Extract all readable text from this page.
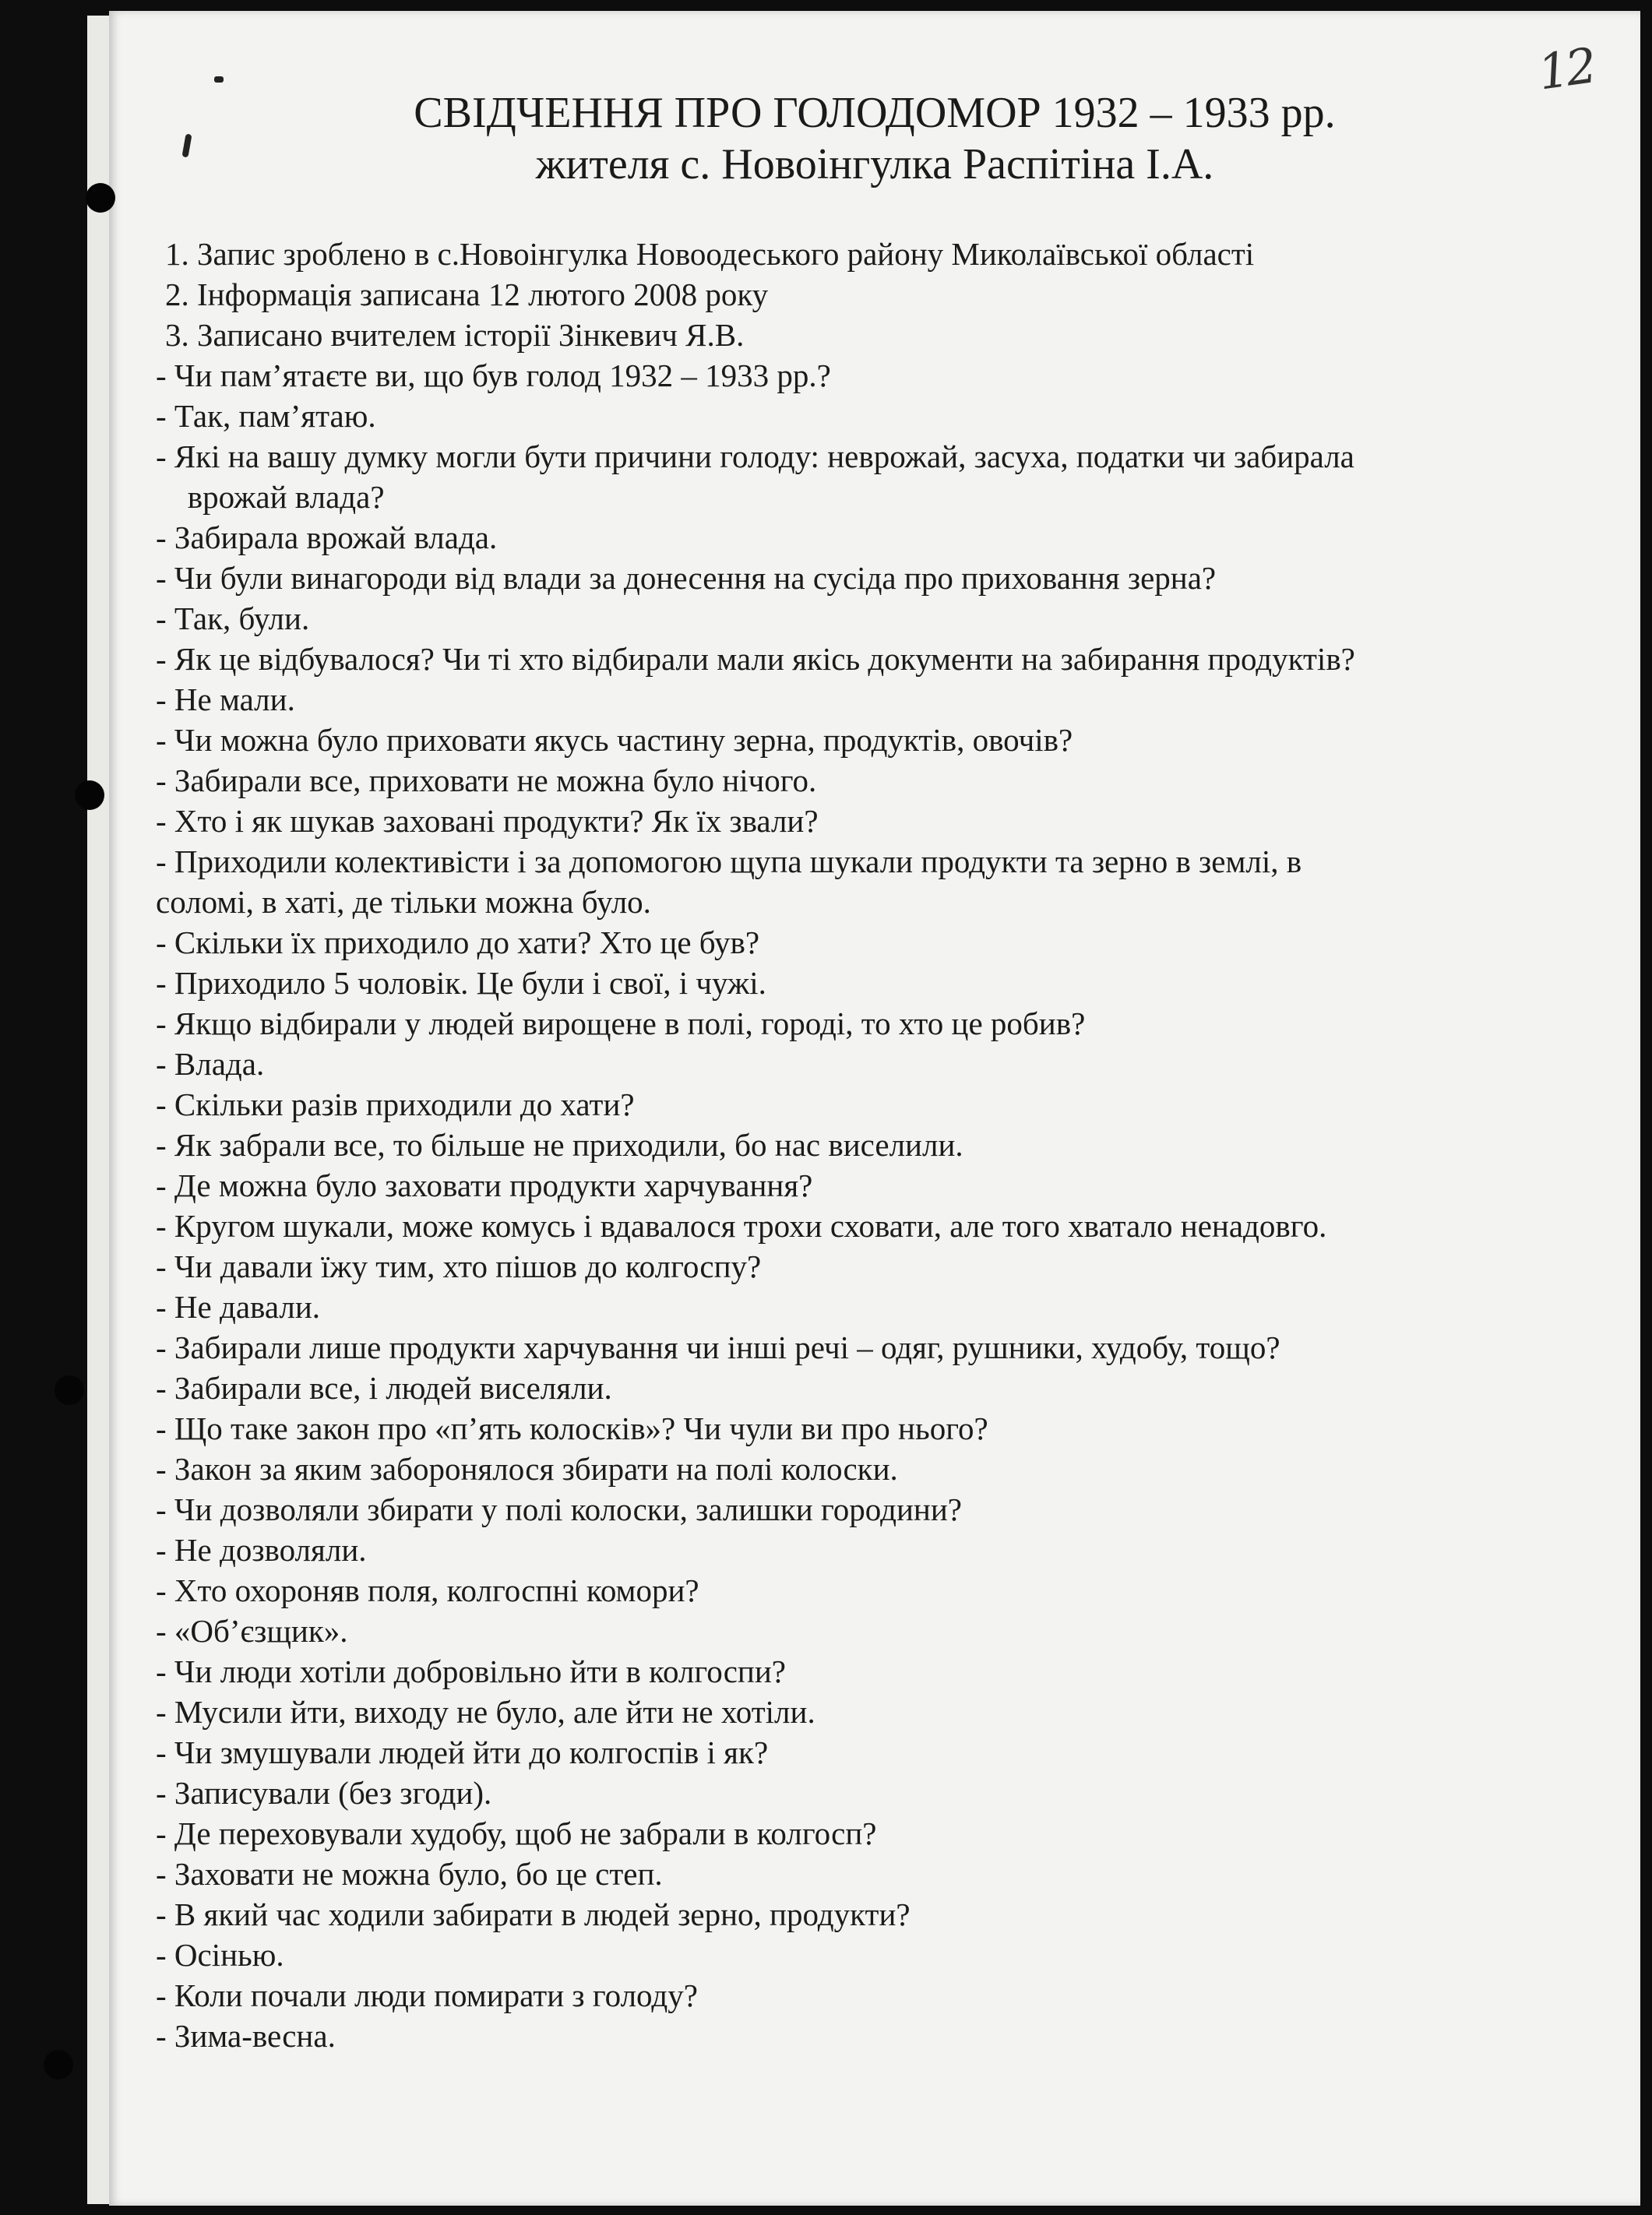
12
СВІДЧЕННЯ ПРО ГОЛОДОМОР 1932 – 1933 рр.
жителя с. Новоінгулка Распітіна І.А.
1. Запис зроблено в с.Новоінгулка Новоодеського району Миколаївської області
2. Інформація записана 12 лютого 2008 року
3. Записано вчителем історії Зінкевич Я.В.
- Чи пам’ятаєте ви, що був голод 1932 – 1933 рр.?
- Так, пам’ятаю.
- Які на вашу думку могли бути причини голоду: неврожай, засуха, податки чи забирала
врожай влада?
- Забирала врожай влада.
- Чи були винагороди від влади за донесення на сусіда про приховання зерна?
- Так, були.
- Як це відбувалося? Чи ті хто відбирали мали якісь документи на забирання продуктів?
- Не мали.
- Чи можна було приховати якусь частину зерна, продуктів, овочів?
- Забирали все, приховати не можна було нічого.
- Хто і як шукав заховані продукти? Як їх звали?
- Приходили колективісти і за допомогою щупа шукали продукти та зерно в землі, в
соломі, в хаті, де тільки можна було.
- Скільки їх приходило до хати? Хто це був?
- Приходило 5 чоловік. Це були і свої, і чужі.
- Якщо відбирали у людей вирощене в полі, городі, то хто це робив?
- Влада.
- Скільки разів приходили до хати?
- Як забрали все, то більше не приходили, бо нас виселили.
- Де можна було заховати продукти харчування?
- Кругом шукали, може комусь і вдавалося трохи сховати, але того хватало ненадовго.
- Чи давали їжу тим, хто пішов до колгоспу?
- Не давали.
- Забирали лише продукти харчування чи інші речі – одяг, рушники, худобу, тощо?
- Забирали все, і людей виселяли.
- Що таке закон про «п’ять колосків»? Чи чули ви про нього?
- Закон за яким заборонялося збирати на полі колоски.
- Чи дозволяли збирати у полі колоски, залишки городини?
- Не дозволяли.
- Хто охороняв поля, колгоспні комори?
- «Об’єзщик».
- Чи люди хотіли добровільно йти в колгоспи?
- Мусили йти, виходу не було, але йти не хотіли.
- Чи змушували людей йти до колгоспів і як?
- Записували (без згоди).
- Де переховували худобу, щоб не забрали в колгосп?
- Заховати не можна було, бо це степ.
- В який час ходили забирати в людей зерно, продукти?
- Осінью.
- Коли почали люди помирати з голоду?
- Зима-весна.
